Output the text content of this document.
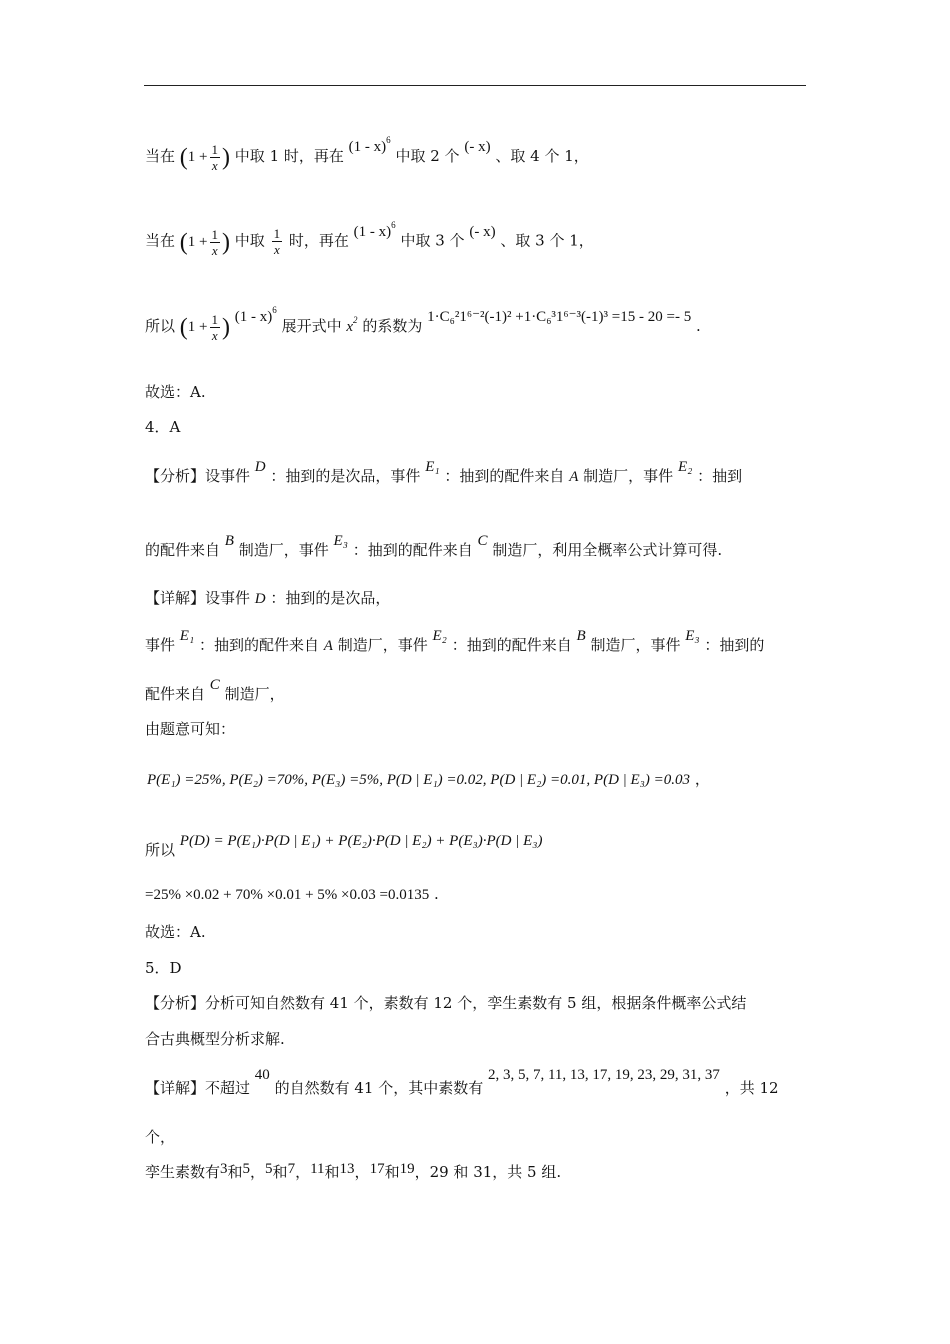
当在 ($1 + \frac{1}{x}$ ) 中取 1 时，再在 (1 - x)$^6$ 中取 2 个 (- x) 、取 4 个 1，
当在 ($1 + \frac{1}{x}$ ) 中取 $\frac{1}{x}$ 时，再在 (1 - x)$^6$ 中取 3 个 (- x) 、取 3 个 1，
所以 ($1 + \frac{1}{x}$ ) (1 - x)$^6$ 展开式中 $x^2$ 的系数为 1·C₆²1⁶⁻²(-1)² +1·C₆³1⁶⁻³(-1)³ =15 - 20 =- 5 .
故选：A.
4．A
【分析】设事件 D ：抽到的是次品，事件 E₁ ：抽到的配件来自 A 制造厂，事件 E₂ ：抽到
的配件来自 B 制造厂，事件 E₃ ：抽到的配件来自 C 制造厂，利用全概率公式计算可得.
【详解】设事件 D ：抽到的是次品，
事件 E₁ ：抽到的配件来自 A 制造厂，事件 E₂ ：抽到的配件来自 B 制造厂，事件 E₃ ：抽到的
配件来自 C 制造厂，
由题意可知：
P(E₁) =25%, P(E₂) =70%, P(E₃) =5%, P(D | E₁) =0.02, P(D | E₂) =0.01, P(D | E₃) =0.03 ，
所以 P(D) = P(E₁)·P(D | E₁) + P(E₂)·P(D | E₂) + P(E₃)·P(D | E₃)
=25% ×0.02 + 70% ×0.01 + 5% ×0.03 =0.0135 .
故选：A.
5．D
【分析】分析可知自然数有 41 个，素数有 12 个，孪生素数有 5 组，根据条件概率公式结
合古典概型分析求解.
【详解】不超过 40 的自然数有 41 个，其中素数有 2, 3, 5, 7, 11, 13, 17, 19, 23, 29, 31, 37 ，共 12
个，
孪生素数有3和5，5和7，11和13，17和19，29 和 31，共 5 组.
